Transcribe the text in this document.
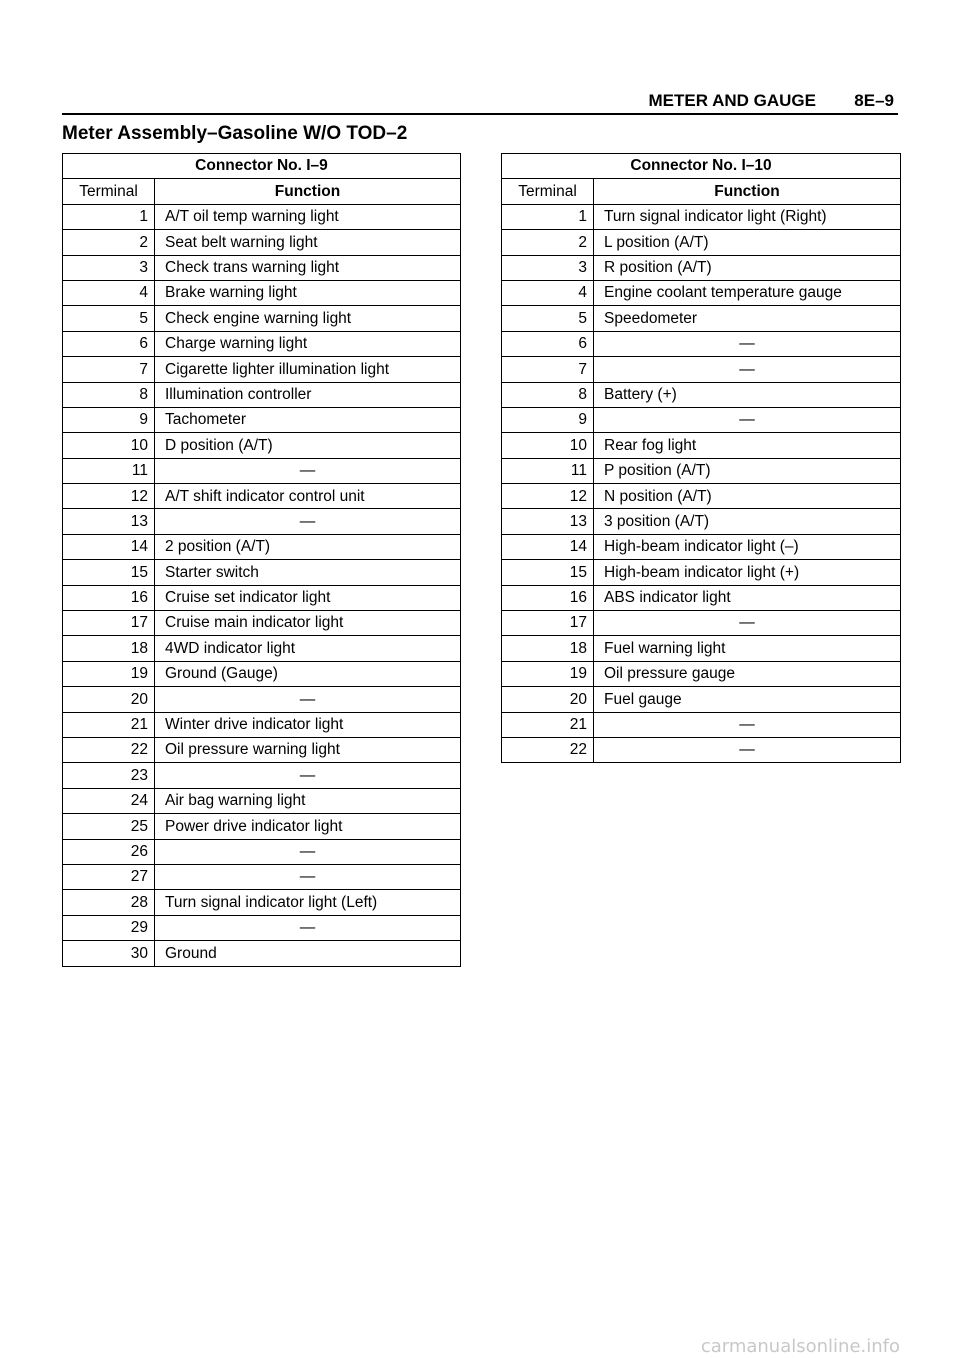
METER AND GAUGE 8E–9
Meter Assembly–Gasoline W/O TOD–2
Connector No. I–9	
Terminal	Function
1	A/T oil temp warning light
2	Seat belt warning light
3	Check trans warning light
4	Brake warning light
5	Check engine warning light
6	Charge warning light
7	Cigarette lighter illumination light
8	Illumination controller
9	Tachometer
10	D position (A/T)
11	—
12	A/T shift indicator control unit
13	—
14	2 position (A/T)
15	Starter switch
16	Cruise set indicator light
17	Cruise main indicator light
18	4WD indicator light
19	Ground (Gauge)
20	—
21	Winter drive indicator light
22	Oil pressure warning light
23	—
24	Air bag warning light
25	Power drive indicator light
26	—
27	—
28	Turn signal indicator light (Left)
29	—
30	Ground
Connector No. I–10	
Terminal	Function
1	Turn signal indicator light (Right)
2	L position (A/T)
3	R position (A/T)
4	Engine coolant temperature gauge
5	Speedometer
6	—
7	—
8	Battery (+)
9	—
10	Rear fog light
11	P position (A/T)
12	N position (A/T)
13	3 position (A/T)
14	High-beam indicator light (–)
15	High-beam indicator light (+)
16	ABS indicator light
17	—
18	Fuel warning light
19	Oil pressure gauge
20	Fuel gauge
21	—
22	—
carmanualsonline.info
